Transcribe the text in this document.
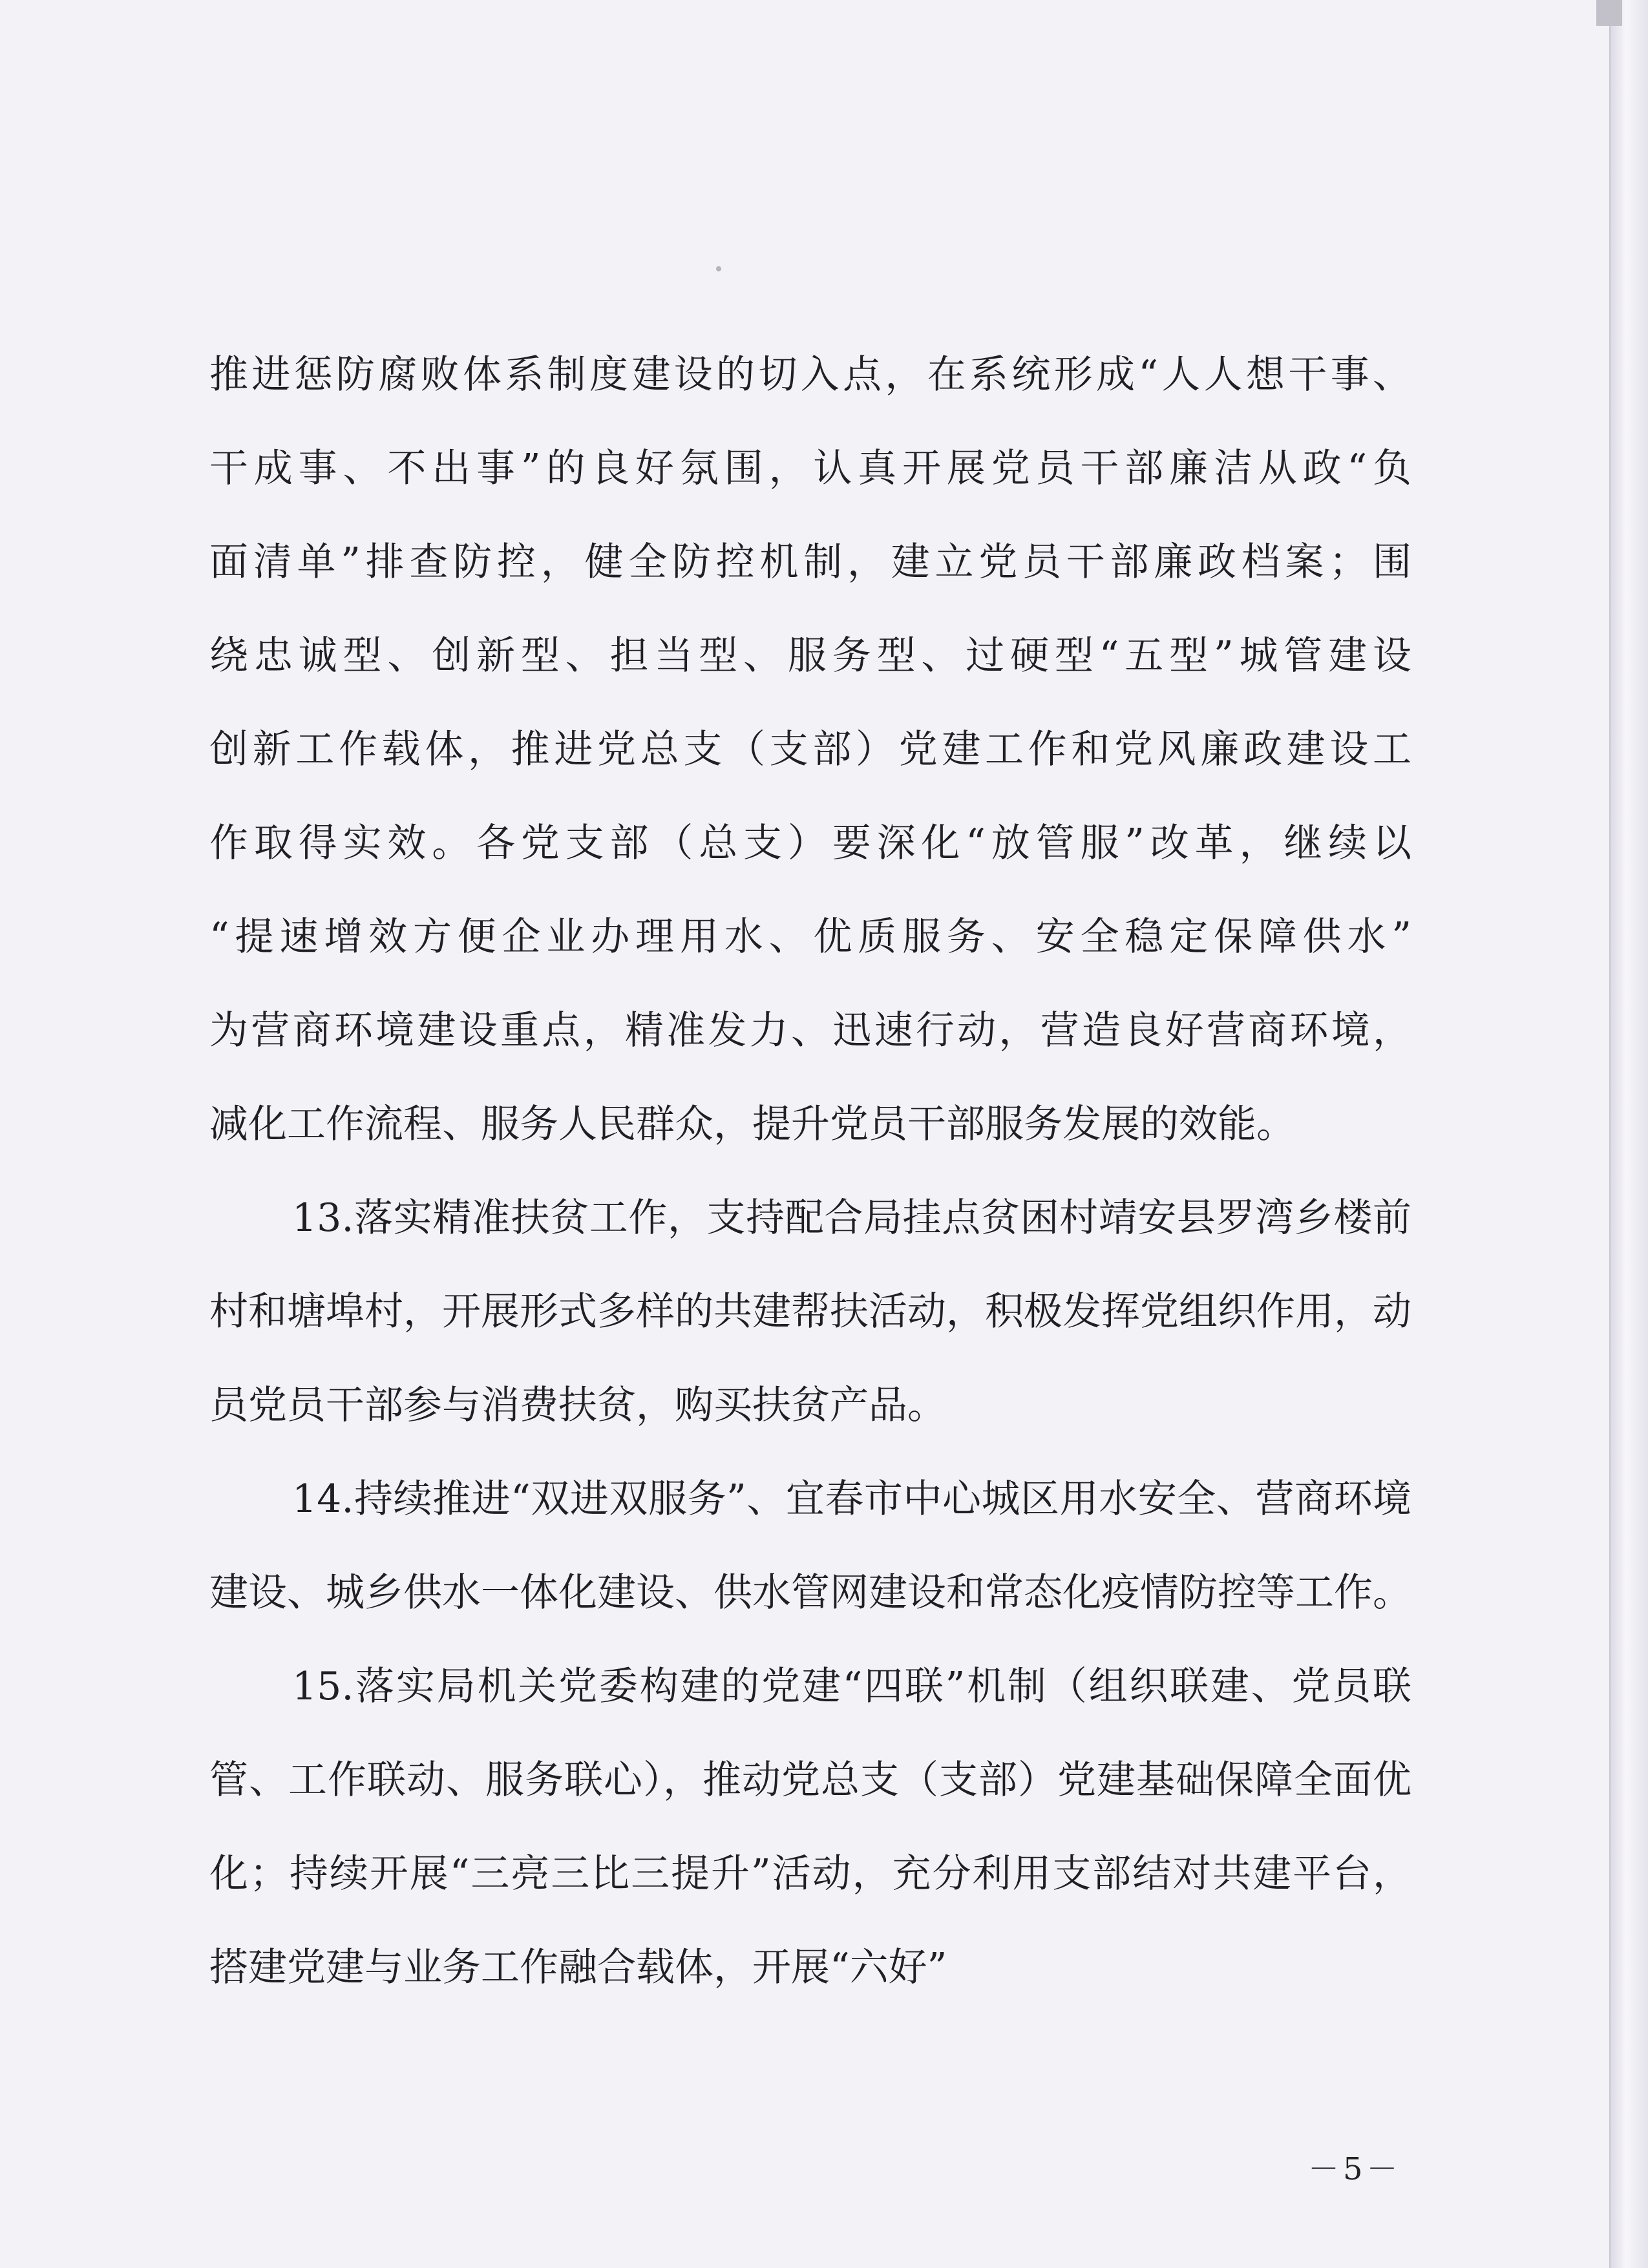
推进惩防腐败体系制度建设的切入点，在系统形成“人人想干事、

干成事、不出事”的良好氛围，认真开展党员干部廉洁从政“负

面清单”排查防控，健全防控机制，建立党员干部廉政档案；围

绕忠诚型、创新型、担当型、服务型、过硬型“五型”城管建设

创新工作载体，推进党总支（支部）党建工作和党风廉政建设工

作取得实效。各党支部（总支）要深化“放管服”改革，继续以

“提速增效方便企业办理用水、优质服务、安全稳定保障供水”

为营商环境建设重点，精准发力、迅速行动，营造良好营商环境，

减化工作流程、服务人民群众，提升党员干部服务发展的效能。

13.落实精准扶贫工作，支持配合局挂点贫困村靖安县罗湾乡楼前村和塘埠村，开展形式多样的共建帮扶活动，积极发挥党组织作用，动员党员干部参与消费扶贫，购买扶贫产品。

14.持续推进“双进双服务”、宜春市中心城区用水安全、营商环境建设、城乡供水一体化建设、供水管网建设和常态化疫情防控等工作。

15.落实局机关党委构建的党建“四联”机制（组织联建、党员联管、工作联动、服务联心），推动党总支（支部）党建基础保障全面优化；持续开展“三亮三比三提升”活动，充分利用支部结对共建平台，搭建党建与业务工作融合载体，开展“六好”

－5－
